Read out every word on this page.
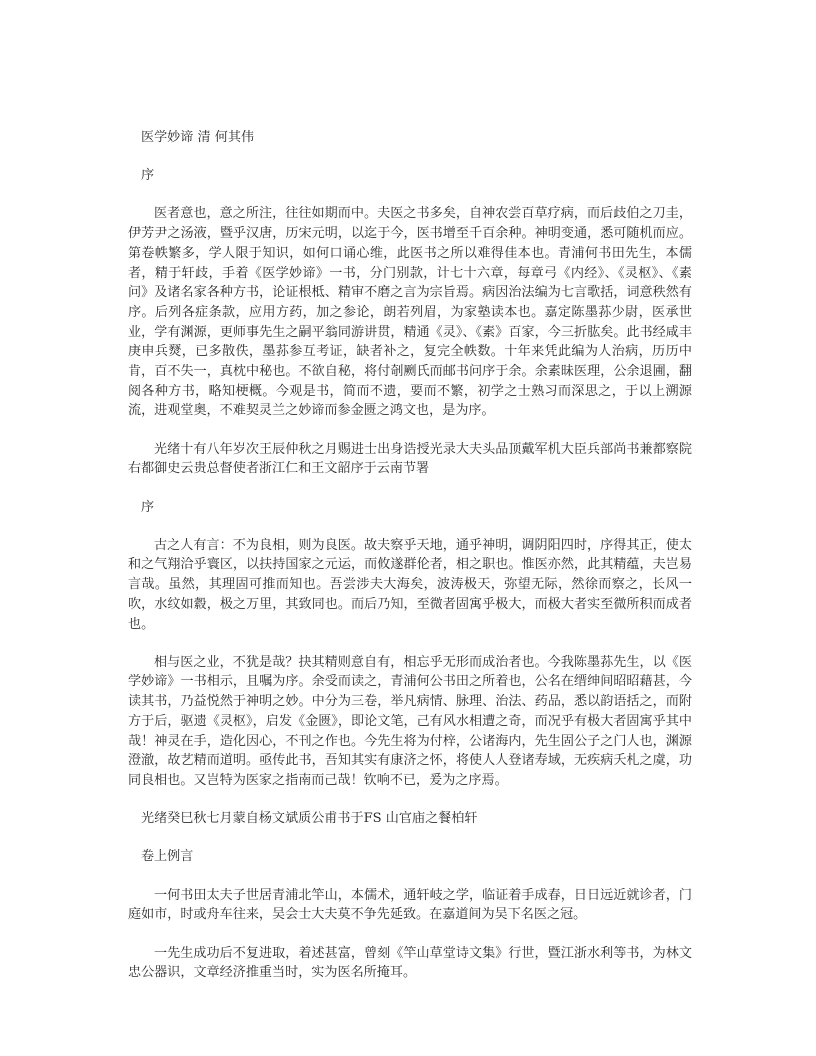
医学妙谛 清 何其伟

序

医者意也，意之所注，往往如期而中。夫医之书多矣，自神农尝百草疗病，而后歧伯之刀圭，伊芳尹之汤液，暨乎汉唐，历宋元明，以迄于今，医书增至千百余种。神明变通，悉可随机而应。第卷帙繁多，学人限于知识，如何口诵心维，此医书之所以难得佳本也。青浦何书田先生，本儒者，精于轩歧，手着《医学妙谛》一书，分门别款，计七十六章，每章弓《内经》、《灵枢》、《素问》及诸名家各种方书，论证根柢、精审不磨之言为宗旨焉。病因治法编为七言歌括，词意秩然有序。后列各症条款，应用方药，加之参论，朗若列眉，为家塾读本也。嘉定陈墨荪少尉，医承世业，学有渊源，更师事先生之嗣平翁同游讲贯，精通《灵》、《素》百家，今三折肱矣。此书经咸丰庚申兵燹，已多散佚，墨荪参互考证，缺者补之，复完全帙数。十年来凭此编为人治病，历历中肯，百不失一，真枕中秘也。不欲自秘，将付剞劂氏而邮书问序于余。余素昧医理，公余退圃，翻阅各种方书，略知梗概。今观是书，简而不遗，要而不繁，初学之士熟习而深思之，于以上溯源流，进观堂奥，不难契灵兰之妙谛而参金匮之鸿文也，是为序。

光绪十有八年岁次王辰仲秋之月赐进士出身诰授光录大夫头品顶戴军机大臣兵部尚书兼都察院右都御史云贵总督使者浙江仁和王文韶序于云南节署

序

古之人有言：不为良相，则为良医。故夫察乎天地，通乎神明，调阴阳四时，序得其正，使太和之气翔洽乎寰区，以扶持国家之元运，而攸遂群伦者，相之职也。惟医亦然，此其精蕴，夫岂易言哉。虽然，其理固可推而知也。吾尝涉夫大海矣，波涛极天，弥望无际，然徐而察之，长风一吹，水纹如縠，极之万里，其致同也。而后乃知，至微者固寓乎极大，而极大者实至微所积而成者也。

相与医之业，不犹是哉？抉其精则意自有，相忘乎无形而成治者也。今我陈墨荪先生，以《医学妙谛》一书相示，且嘱为序。余受而读之，青浦何公书田之所着也，公名在缙绅间昭昭藉甚，今读其书，乃益悦然于神明之妙。中分为三卷，举凡病情、脉理、治法、药品，悉以韵语括之，而附方于后，驱遗《灵枢》，启发《金匮》，即论文笔，己有风水相遭之奇，而况乎有极大者固寓乎其中哉！神灵在手，造化因心，不刊之作也。今先生将为付梓，公诸海内，先生固公子之门人也，渊源澄澈，故艺精而道明。亟传此书，吾知其实有康济之怀，将使人人登诸寿域，无疾病夭札之虞，功同良相也。又岂特为医家之指南而己哉！钦响不已，爰为之序焉。

光绪癸巳秋七月蒙自杨文斌质公甫书于FS 山官庙之餐柏轩

卷上例言

一何书田太夫子世居青浦北竿山，本儒术，通轩岐之学，临证着手成春，日日远近就诊者，门庭如市，时或舟车往来，吴会士大夫莫不争先延致。在嘉道间为吴下名医之冠。

一先生成功后不复进取，着述甚富，曾刻《竿山草堂诗文集》行世，暨江浙水利等书，为林文忠公器识，文章经济推重当时，实为医名所掩耳。
